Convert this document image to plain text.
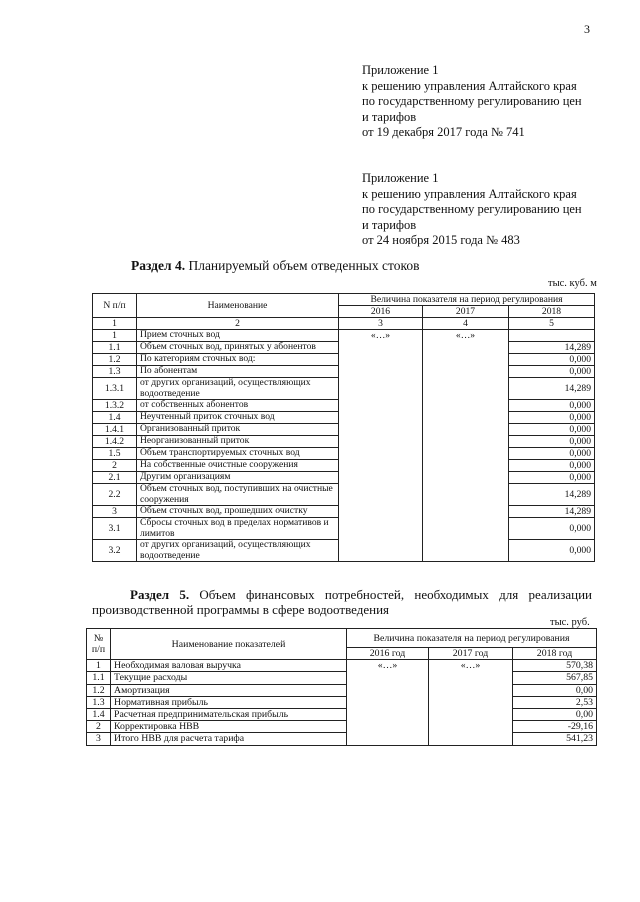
3
Приложение 1
к решению управления Алтайского края
по государственному регулированию цен
и тарифов
от 19 декабря 2017 года № 741
Приложение 1
к решению управления Алтайского края
по государственному регулированию цен
и тарифов
от 24 ноября 2015 года № 483
Раздел 4. Планируемый объем отведенных стоков
тыс. куб. м
N п/п	Наименование	Величина показателя на период регулирования		
		2016	2017	2018
1	2	3	4	5
1	Прием сточных вод	«…»	«…»	
1.1	Объем сточных вод, принятых у абонентов			14,289
1.2	По категориям сточных вод:			0,000
1.3	По абонентам			0,000
1.3.1	от других организаций, осуществляющих водоотведение			14,289
1.3.2	от собственных абонентов			0,000
1.4	Неучтенный приток сточных вод			0,000
1.4.1	Организованный приток			0,000
1.4.2	Неорганизованный приток			0,000
1.5	Объем транспортируемых сточных вод			0,000
2	На собственные очистные сооружения			0,000
2.1	Другим организациям			0,000
2.2	Объем сточных вод, поступивших на очистные сооружения			14,289
3	Объем сточных вод, прошедших очистку			14,289
3.1	Сбросы сточных вод в пределах нормативов и лимитов			0,000
3.2	от других организаций, осуществляющих водоотведение			0,000
Раздел 5. Объем финансовых потребностей, необходимых для реализации производственной программы в сфере водоотведения
тыс. руб.
№ п/п	Наименование показателей	Величина показателя на период регулирования		
		2016 год	2017 год	2018 год
1	Необходимая валовая выручка	«…»	«…»	570,38
1.1	Текущие расходы			567,85
1.2	Амортизация			0,00
1.3	Нормативная прибыль			2,53
1.4	Расчетная предпринимательская прибыль			0,00
2	Корректировка НВВ			-29,16
3	Итого НВВ для расчета тарифа			541,23
